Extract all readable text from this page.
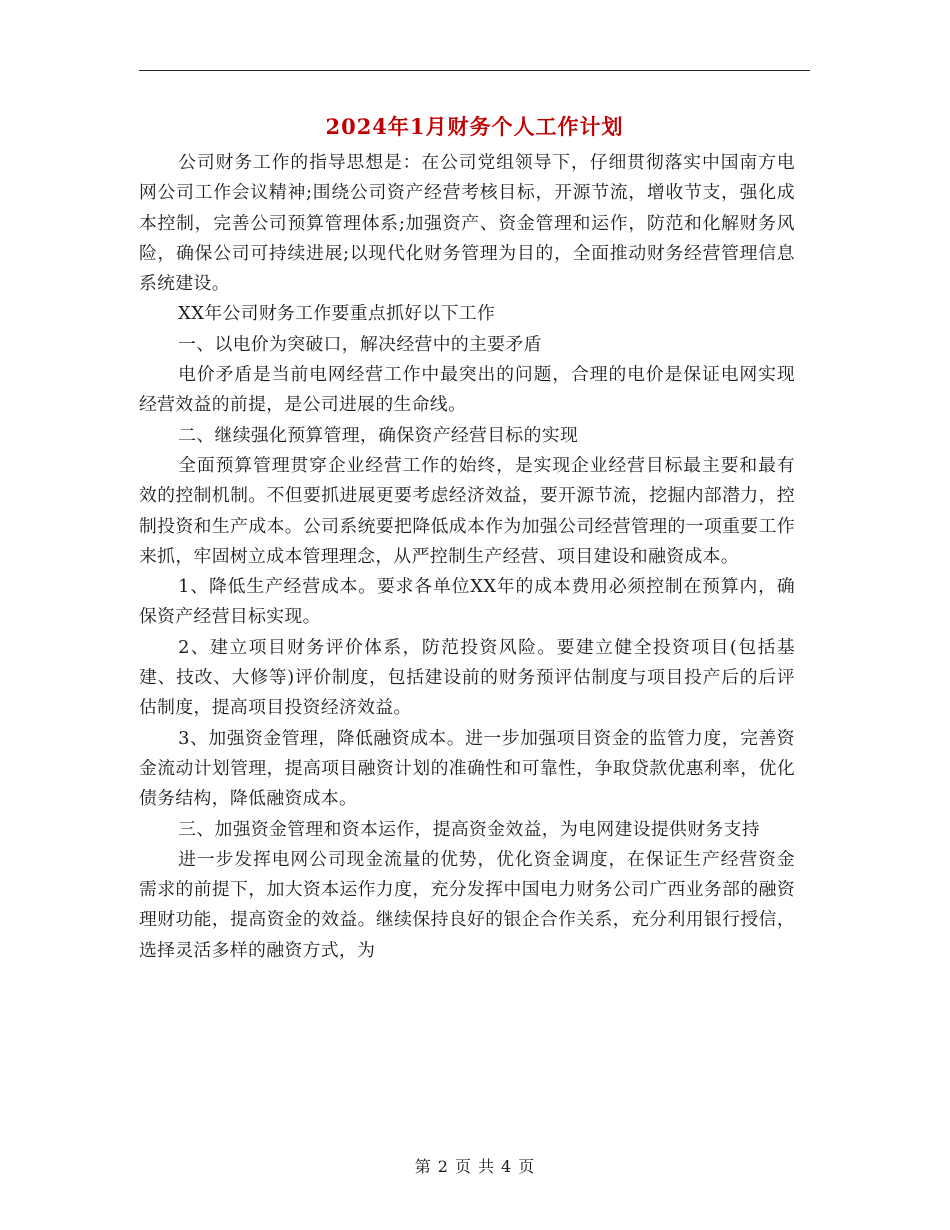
2024年1月财务个人工作计划

公司财务工作的指导思想是：在公司党组领导下，仔细贯彻落实中国南方电网公司工作会议精神;围绕公司资产经营考核目标，开源节流，增收节支，强化成本控制，完善公司预算管理体系;加强资产、资金管理和运作，防范和化解财务风险，确保公司可持续进展;以现代化财务管理为目的，全面推动财务经营管理信息系统建设。

XX年公司财务工作要重点抓好以下工作

一、以电价为突破口，解决经营中的主要矛盾

电价矛盾是当前电网经营工作中最突出的问题，合理的电价是保证电网实现经营效益的前提，是公司进展的生命线。

二、继续强化预算管理，确保资产经营目标的实现

全面预算管理贯穿企业经营工作的始终，是实现企业经营目标最主要和最有效的控制机制。不但要抓进展更要考虑经济效益，要开源节流，挖掘内部潜力，控制投资和生产成本。公司系统要把降低成本作为加强公司经营管理的一项重要工作来抓，牢固树立成本管理理念，从严控制生产经营、项目建设和融资成本。

1、降低生产经营成本。要求各单位XX年的成本费用必须控制在预算内，确保资产经营目标实现。

2、建立项目财务评价体系，防范投资风险。要建立健全投资项目(包括基建、技改、大修等)评价制度，包括建设前的财务预评估制度与项目投产后的后评估制度，提高项目投资经济效益。

3、加强资金管理，降低融资成本。进一步加强项目资金的监管力度，完善资金流动计划管理，提高项目融资计划的准确性和可靠性，争取贷款优惠利率，优化债务结构，降低融资成本。

三、加强资金管理和资本运作，提高资金效益，为电网建设提供财务支持

进一步发挥电网公司现金流量的优势，优化资金调度，在保证生产经营资金需求的前提下，加大资本运作力度，充分发挥中国电力财务公司广西业务部的融资理财功能，提高资金的效益。继续保持良好的银企合作关系，充分利用银行授信，选择灵活多样的融资方式，为

第 2 页 共 4 页
